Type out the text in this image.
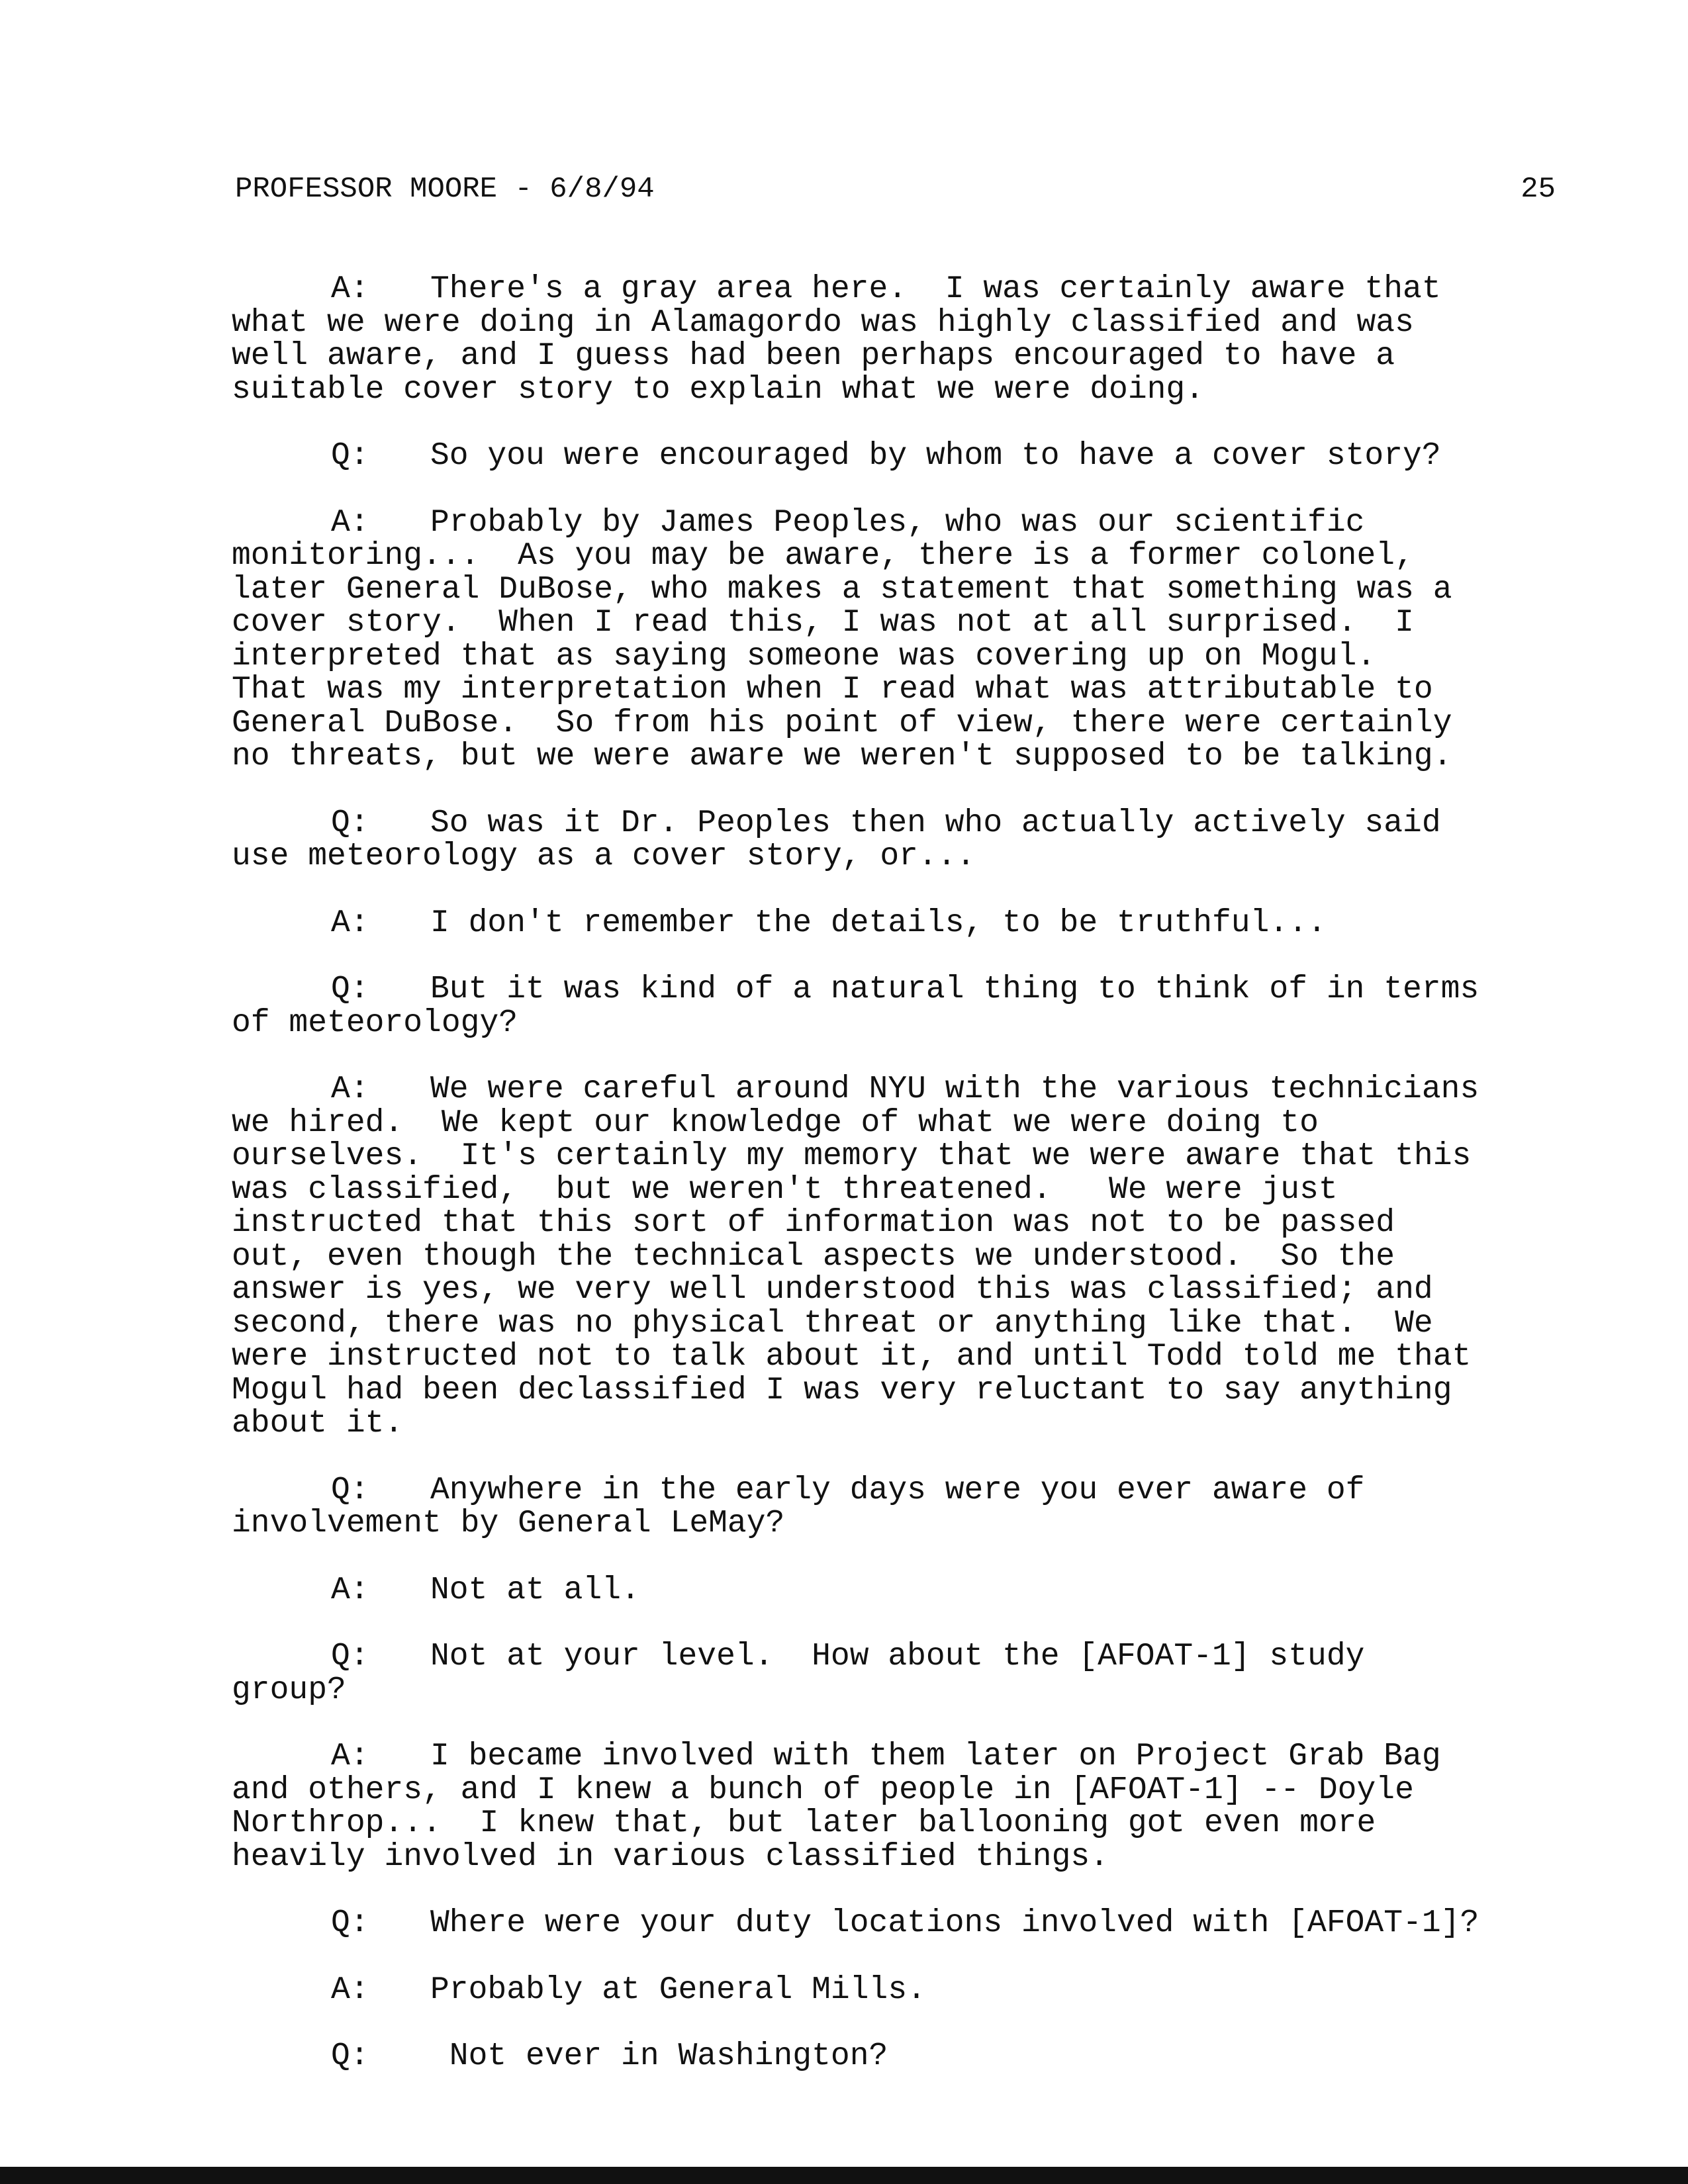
PROFESSOR MOORE - 6/8/94	25
A: There's a gray area here.  I was certainly aware that
what we were doing in Alamagordo was highly classified and was
well aware, and I guess had been perhaps encouraged to have a
suitable cover story to explain what we were doing.
Q: So you were encouraged by whom to have a cover story?
A: Probably by James Peoples, who was our scientific
monitoring...  As you may be aware, there is a former colonel,
later General DuBose, who makes a statement that something was a
cover story.  When I read this, I was not at all surprised.  I
interpreted that as saying someone was covering up on Mogul.
That was my interpretation when I read what was attributable to
General DuBose.  So from his point of view, there were certainly
no threats, but we were aware we weren't supposed to be talking.
Q: So was it Dr. Peoples then who actually actively said
use meteorology as a cover story, or...
A: I don't remember the details, to be truthful...
Q: But it was kind of a natural thing to think of in terms
of meteorology?
A: We were careful around NYU with the various technicians
we hired.  We kept our knowledge of what we were doing to
ourselves.  It's certainly my memory that we were aware that this
was classified,  but we weren't threatened.   We were just
instructed that this sort of information was not to be passed
out, even though the technical aspects we understood.  So the
answer is yes, we very well understood this was classified; and
second, there was no physical threat or anything like that.  We
were instructed not to talk about it, and until Todd told me that
Mogul had been declassified I was very reluctant to say anything
about it.
Q: Anywhere in the early days were you ever aware of
involvement by General LeMay?
A: Not at all.
Q: Not at your level.  How about the [AFOAT-1] study
group?
A: I became involved with them later on Project Grab Bag
and others, and I knew a bunch of people in [AFOAT-1] -- Doyle
Northrop...  I knew that, but later ballooning got even more
heavily involved in various classified things.
Q: Where were your duty locations involved with [AFOAT-1]?
A: Probably at General Mills.
Q: Not ever in Washington?
